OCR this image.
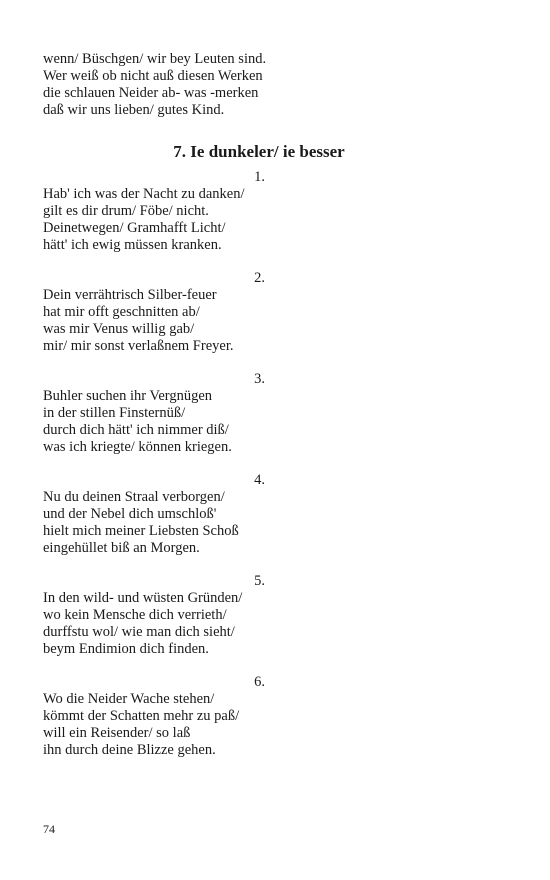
wenn/ Büschgen/ wir bey Leuten sind.
Wer weiß ob nicht auß diesen Werken
die schlauen Neider ab- was -merken
daß wir uns lieben/ gutes Kind.
7. Ie dunkeler/ ie besser
1.
Hab' ich was der Nacht zu danken/
gilt es dir drum/ Föbe/ nicht.
Deinetwegen/ Gramhafft Licht/
hätt' ich ewig müssen kranken.
2.
Dein verrähtrisch Silber-feuer
hat mir offt geschnitten ab/
was mir Venus willig gab/
mir/ mir sonst verlaßnem Freyer.
3.
Buhler suchen ihr Vergnügen
in der stillen Finsternüß/
durch dich hätt' ich nimmer diß/
was ich kriegte/ können kriegen.
4.
Nu du deinen Straal verborgen/
und der Nebel dich umschloß'
hielt mich meiner Liebsten Schoß
eingehüllet biß an Morgen.
5.
In den wild- und wüsten Gründen/
wo kein Mensche dich verrieth/
durffstu wol/ wie man dich sieht/
beym Endimion dich finden.
6.
Wo die Neider Wache stehen/
kömmt der Schatten mehr zu paß/
will ein Reisender/ so laß
ihn durch deine Blizze gehen.
74
